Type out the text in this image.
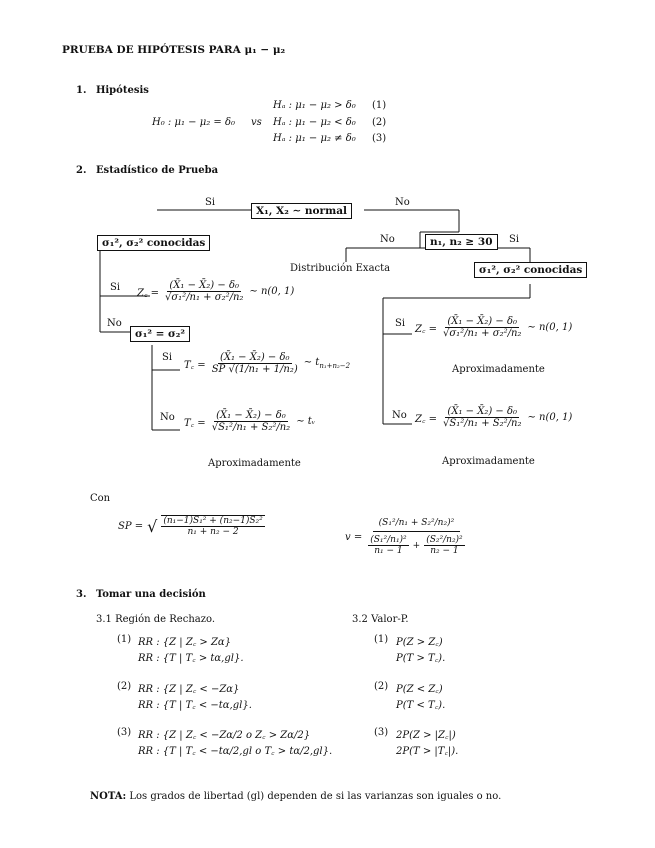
PRUEBA DE HIPÓTESIS PARA μ₁ − μ₂
1. Hipótesis
H₀ : μ₁ − μ₂ = δ₀ vs
Hₐ : μ₁ − μ₂ > δ₀ (1)
Hₐ : μ₁ − μ₂ < δ₀ (2)
Hₐ : μ₁ − μ₂ ≠ δ₀ (3)
2. Estadístico de Prueba
Si	No
X₁, X₂ ∼ normal
σ₁², σ₂² conocidas	No	Si
n₁, n₂ ≥ 30
Distribución Exacta	σ₁², σ₂² conocidas
Si Z꜀ = $\frac{\text{(X̄₁ − X̄₂) − δ₀}}{\text{√σ₁²/n₁ + σ₂²/n₂}}$ ∼ n(0, 1)
No
σ₁² = σ₂²
Si
T꜀ = $\frac{\text{(X̄₁ − X̄₂) − δ₀}}{\text{SP √(1/n₁ + 1/n₂)}}$ ∼ $t_{n_1+n_2-2}$
No T꜀ = $\frac{\text{(X̄₁ − X̄₂) − δ₀}}{\text{√S₁²/n₁ + S₂²/n₂}}$ ∼ tᵥ
Aproximadamente
Si Z꜀ = $\frac{\text{(X̄₁ − X̄₂) − δ₀}}{\text{√σ₁²/n₁ + σ₂²/n₂}}$ ∼ n(0, 1)
Aproximadamente
No Z꜀ = $\frac{\text{(X̄₁ − X̄₂) − δ₀}}{\text{√S₁²/n₁ + S₂²/n₂}}$ ∼ n(0, 1)
Aproximadamente
Con
SP = √ $\frac{\text{(n₁−1)S₁² + (n₂−1)S₂²}}{\text{n₁ + n₂ − 2}}$	v =
(S₁²/n₁ + S₂²/n₂)²
$\frac{\text{(S₁²/n₁)²}}{\text{n₁ − 1}} + \frac{\text{(S₂²/n₂)²}}{\text{n₂ − 1}}$
3. Tomar una decisión
3.1 Región de Rechazo.	3.2 Valor-P.
(1) RR : {Z | Z꜀ > Zα}
RR : {T | T꜀ > tα,gl}.
(2) RR : {Z | Z꜀ < −Zα}
RR : {T | T꜀ < −tα,gl}.
(3) RR : {Z | Z꜀ < −Zα/2 o Z꜀ > Zα/2}
RR : {T | T꜀ < −tα/2,gl o T꜀ > tα/2,gl}.
(1) P(Z > Z꜀)
P(T > T꜀).
(2) P(Z < Z꜀)
P(T < T꜀).
(3) 2P(Z > |Z꜀|)
2P(T > |T꜀|).
NOTA: Los grados de libertad (gl) dependen de si las varianzas son iguales o no.
